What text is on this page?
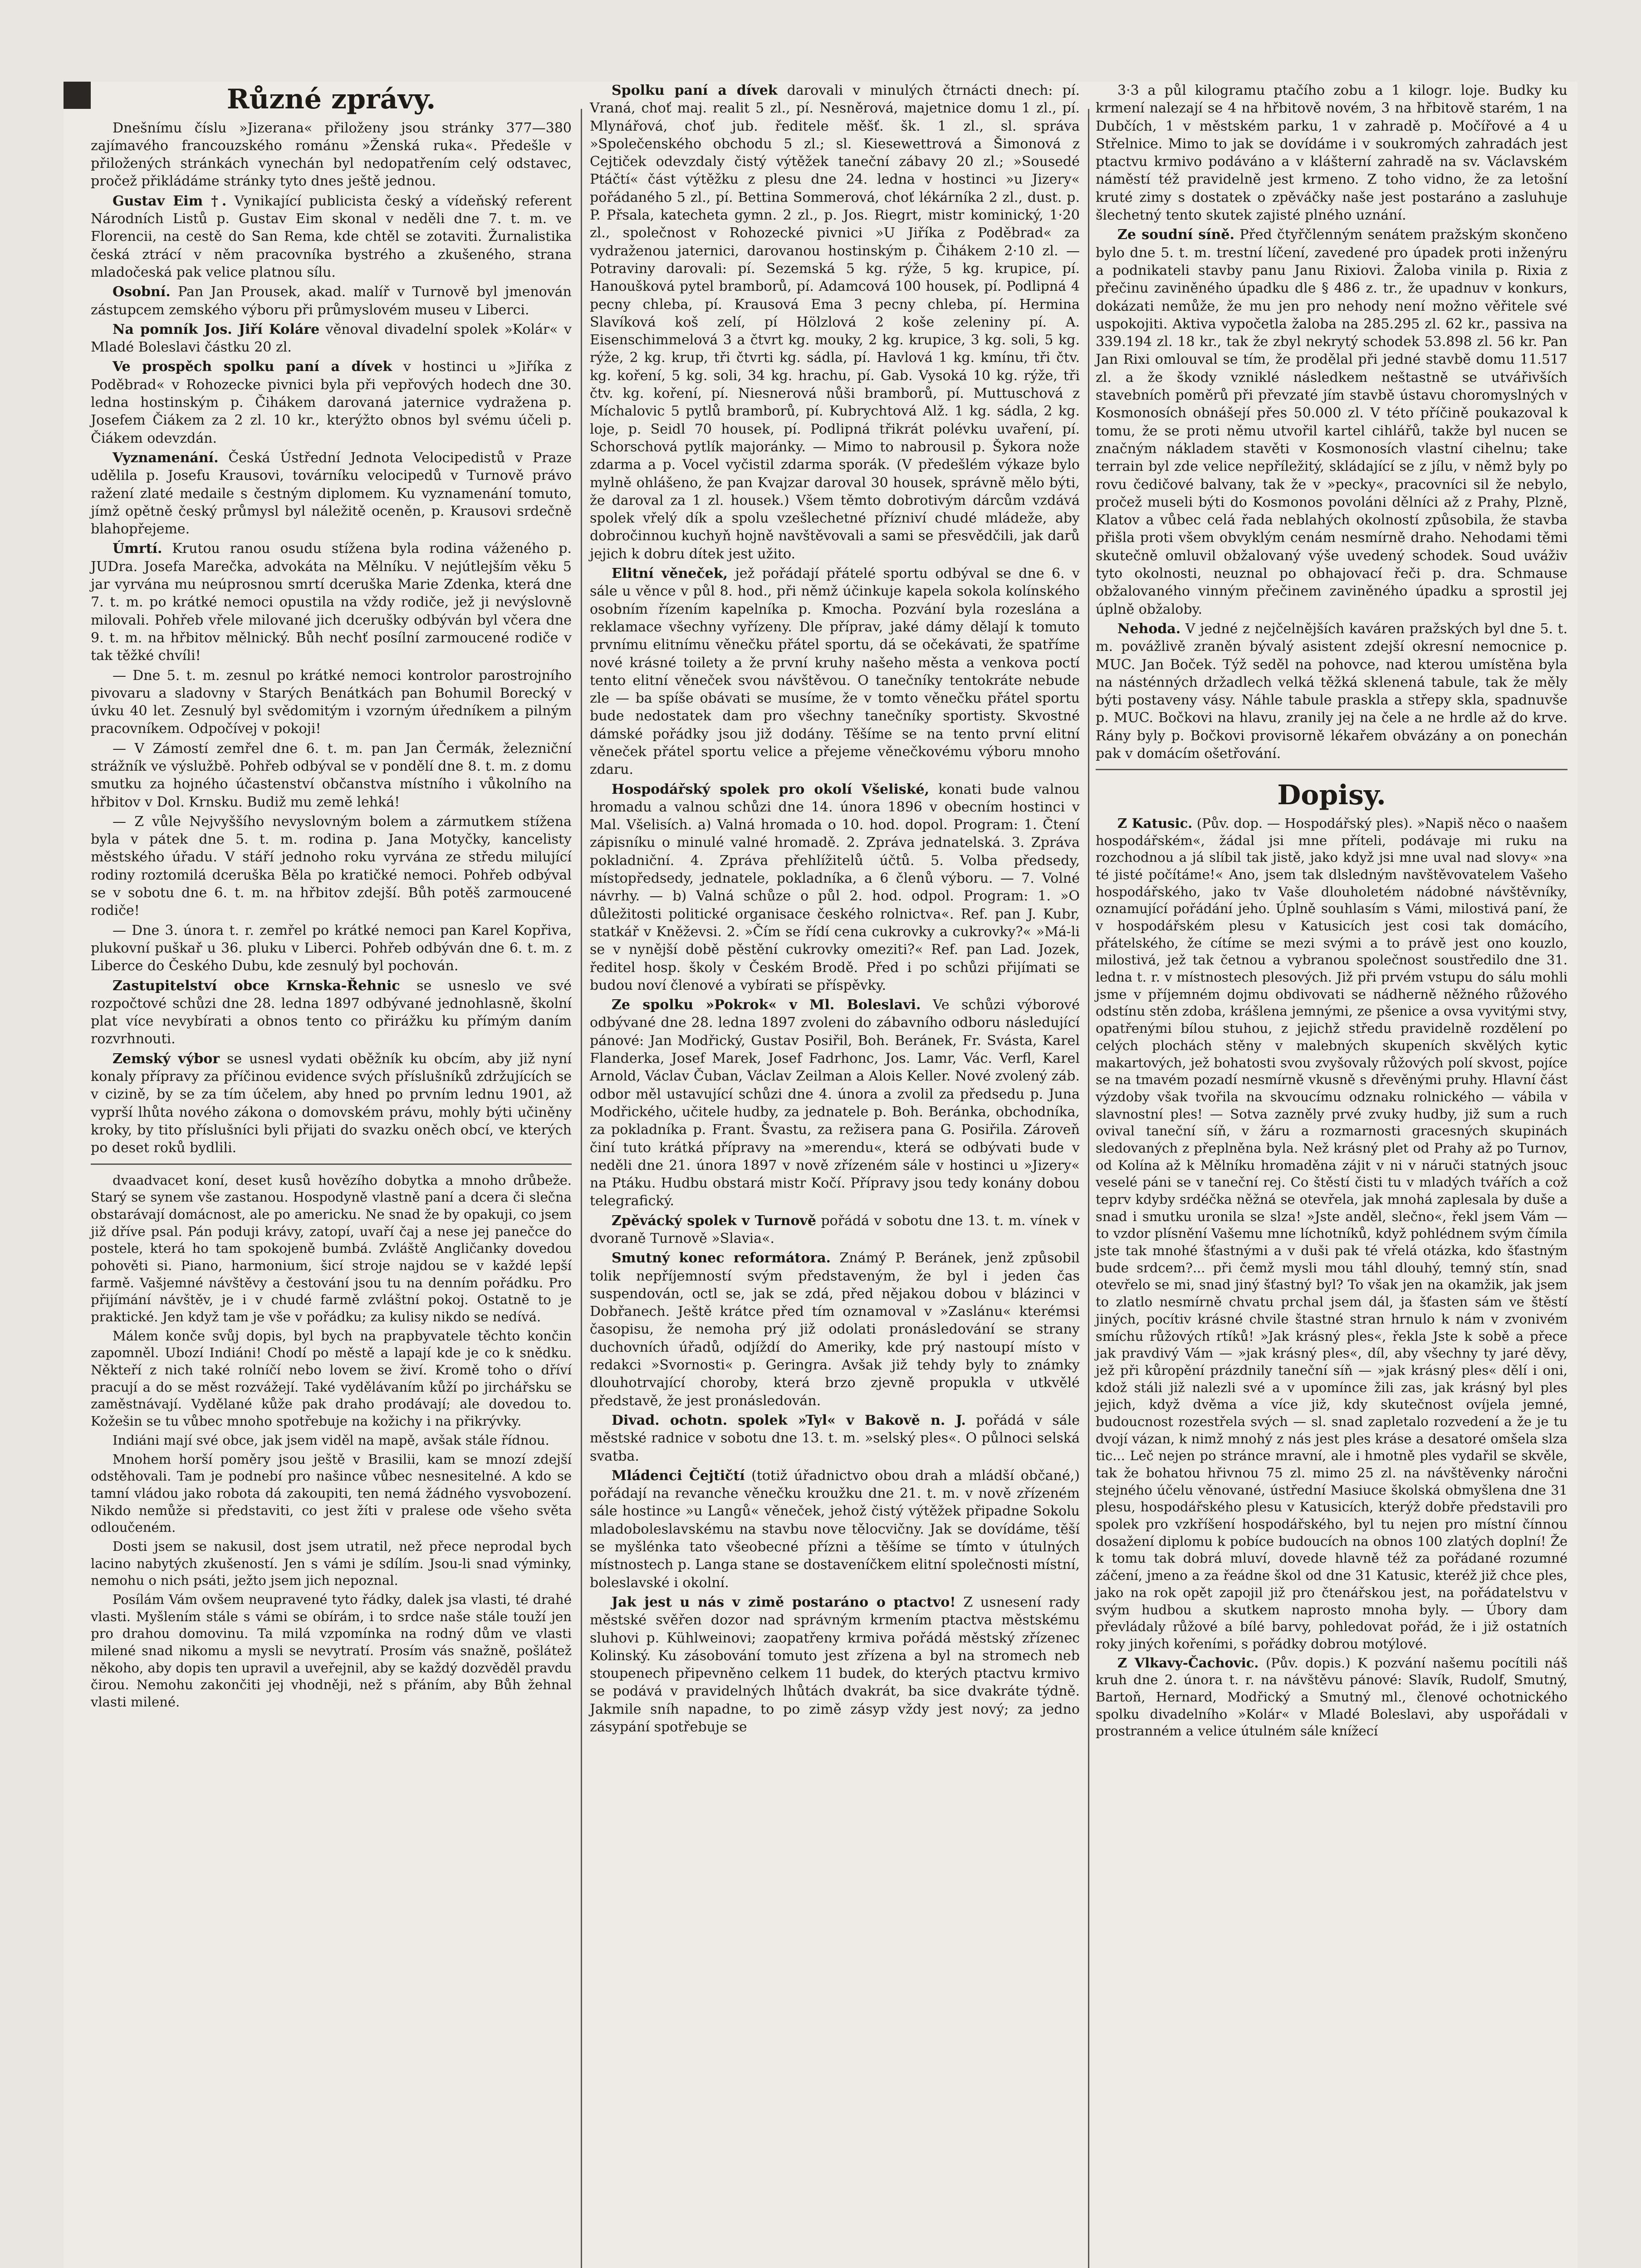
Různé zprávy.

Dnešnímu číslu »Jizerana« přiloženy jsou stránky 377—380 zajímavého francouzského románu »Ženská ruka«. Předešle v přiložených stránkách vynechán byl nedopatřením celý odstavec, pročež přikládáme stránky tyto dnes ještě jednou.

Gustav Eim †. Vynikající publicista český a vídeňský referent Národních Listů p. Gustav Eim skonal v neděli dne 7. t. m. ve Florencii, na cestě do San Rema, kde chtěl se zotaviti. Žurnalistika česká ztrácí v něm pracovníka bystrého a zkušeného, strana mladočeská pak velice platnou sílu.

Osobní. Pan Jan Prousek, akad. malíř v Turnově byl jmenován zástupcem zemského výboru při průmyslovém museu v Liberci.

Na pomník Jos. Jiří Koláre věnoval divadelní spolek »Kolár« v Mladé Boleslavi částku 20 zl.

Ve prospěch spolku paní a dívek v hostinci u »Jiříka z Poděbrad« v Rohozecke pivnici byla při vepřových hodech dne 30. ledna hostinským p. Čihákem darovaná jaternice vydražena p. Josefem Čiákem za 2 zl. 10 kr., kterýžto obnos byl svému účeli p. Čiákem odevzdán.

Vyznamenání. Česká Ústřední Jednota Velocipedistů v Praze udělila p. Josefu Krausovi, továrníku velocipedů v Turnově právo ražení zlaté medaile s čestným diplomem. Ku vyznamenání tomuto, jímž opětně český průmysl byl náležitě oceněn, p. Krausovi srdečně blahopřejeme.

Úmrtí. Krutou ranou osudu stížena byla rodina váženého p. JUDra. Josefa Marečka, advokáta na Mělníku. V nejútlejším věku 5 jar vyrvána mu neúprosnou smrtí dceruška Marie Zdenka, která dne 7. t. m. po krátké nemoci opustila na vždy rodiče, jež ji nevýslovně milovali. Pohřeb vřele milované jich dcerušky odbýván byl včera dne 9. t. m. na hřbitov mělnický. Bůh nechť posílní zarmoucené rodiče v tak těžké chvíli!

— Dne 5. t. m. zesnul po krátké nemoci kontrolor parostrojního pivovaru a sladovny v Starých Benátkách pan Bohumil Borecký v úvku 40 let. Zesnulý byl svědomitým i vzorným úředníkem a pilným pracovníkem. Odpočívej v pokoji!

— V Zámostí zemřel dne 6. t. m. pan Jan Čermák, železniční strážník ve výslužbě. Pohřeb odbýval se v pondělí dne 8. t. m. z domu smutku za hojného účastenství občanstva místního i vůkolního na hřbitov v Dol. Krnsku. Budiž mu země lehká!

— Z vůle Nejvyššího nevyslovným bolem a zármutkem stížena byla v pátek dne 5. t. m. rodina p. Jana Motyčky, kancelisty městského úřadu. V stáří jednoho roku vyrvána ze středu milující rodiny roztomilá dceruška Běla po kratičké nemoci. Pohřeb odbýval se v sobotu dne 6. t. m. na hřbitov zdejší. Bůh potěš zarmoucené rodiče!

— Dne 3. února t. r. zemřel po krátké nemoci pan Karel Kopřiva, plukovní puškař u 36. pluku v Liberci. Pohřeb odbýván dne 6. t. m. z Liberce do Českého Dubu, kde zesnulý byl pochován.

Zastupitelství obce Krnska-Řehnic se usneslo ve své rozpočtové schůzi dne 28. ledna 1897 odbývané jednohlasně, školní plat více nevybírati a obnos tento co přirážku ku přímým daním rozvrhnouti.

Zemský výbor se usnesl vydati oběžník ku obcím, aby již nyní konaly přípravy za příčinou evidence svých příslušníků zdržujících se v cizině, by se za tím účelem, aby hned po prvním lednu 1901, až vyprší lhůta nového zákona o domovském právu, mohly býti učiněny kroky, by tito příslušníci byli přijati do svazku oněch obcí, ve kterých po deset roků bydlili.

dvaadvacet koní, deset kusů hovězího dobytka a mnoho drůbeže. Starý se synem vše zastanou. Hospodyně vlastně paní a dcera či slečna obstarávají domácnost, ale po americku. Ne snad že by opakuji, co jsem již dříve psal. Pán poduji krávy, zatopí, uvaří čaj a nese jej panečce do postele, která ho tam spokojeně bumbá. Zvláště Angličanky dovedou pohověti si. Piano, harmonium, šicí stroje najdou se v každé lepší farmě. Vašjemné návštěvy a čestování jsou tu na denním pořádku. Pro přijímání návštěv, je i v chudé farmě zvláštní pokoj. Ostatně to je praktické. Jen když tam je vše v pořádku; za kulisy nikdo se nedívá.

Málem konče svůj dopis, byl bych na prapbyvatele těchto končin zapomněl. Ubozí Indiáni! Chodí po městě a lapají kde je co k snědku. Někteří z nich také rolníčí nebo lovem se živí. Kromě toho o dříví pracují a do se měst rozvážejí. Také vydělávaním kůží po jirchářsku se zaměstnávají. Vydělané kůže pak draho prodávají; ale dovedou to. Kožešin se tu vůbec mnoho spotřebuje na kožichy i na přikrývky.

Indiáni mají své obce, jak jsem viděl na mapě, avšak stále řídnou.

Mnohem horší poměry jsou ještě v Brasilii, kam se mnozí zdejší odstěhovali. Tam je podnebí pro našince vůbec nesnesitelné. A kdo se tamní vládou jako robota dá zakoupiti, ten nemá žádného vysvobození. Nikdo nemůže si představiti, co jest žíti v pralese ode všeho světa odloučeném.

Dosti jsem se nakusil, dost jsem utratil, než přece neprodal bych lacino nabytých zkušeností. Jen s vámi je sdílím. Jsou-li snad výminky, nemohu o nich psáti, ježto jsem jich nepoznal.

Posílám Vám ovšem neupravené tyto řádky, dalek jsa vlasti, té drahé vlasti. Myšlením stále s vámi se obírám, i to srdce naše stále touží jen pro drahou domovinu. Ta milá vzpomínka na rodný dům ve vlasti milené snad nikomu a mysli se nevytratí. Prosím vás snažně, pošlátež někoho, aby dopis ten upravil a uveřejnil, aby se každý dozvěděl pravdu čirou. Nemohu zakončiti jej vhodněji, než s přáním, aby Bůh žehnal vlasti milené.

Spolku paní a dívek darovali v minulých čtrnácti dnech: pí. Vraná, choť maj. realit 5 zl., pí. Nesněrová, majetnice domu 1 zl., pí. Mlynářová, choť jub. ředitele měšť. šk. 1 zl., sl. správa »Společenského obchodu 5 zl.; sl. Kiesewettrová a Šimonová z Cejtiček odevzdaly čistý výtěžek taneční zábavy 20 zl.; »Sousedé Ptáčtí« část výtěžku z plesu dne 24. ledna v hostinci »u Jizery« pořádaného 5 zl., pí. Bettina Sommerová, choť lékárníka 2 zl., dust. p. P. Přsala, katecheta gymn. 2 zl., p. Jos. Riegrt, mistr kominický, 1·20 zl., společnost v Rohozecké pivnici »U Jiříka z Poděbrad« za vydraženou jaternici, darovanou hostinským p. Čihákem 2·10 zl. — Potraviny darovali: pí. Sezemská 5 kg. rýže, 5 kg. krupice, pí. Hanoušková pytel bramborů, pí. Adamcová 100 housek, pí. Podlipná 4 pecny chleba, pí. Krausová Ema 3 pecny chleba, pí. Hermina Slavíková koš zelí, pí Hölzlová 2 koše zeleniny pí. A. Eisenschimmelová 3 a čtvrt kg. mouky, 2 kg. krupice, 3 kg. soli, 5 kg. rýže, 2 kg. krup, tři čtvrti kg. sádla, pí. Havlová 1 kg. kmínu, tři čtv. kg. koření, 5 kg. soli, 34 kg. hrachu, pí. Gab. Vysoká 10 kg. rýže, tři čtv. kg. koření, pí. Niesnerová nůši bramborů, pí. Muttuschová z Míchalovic 5 pytlů bramborů, pí. Kubrychtová Alž. 1 kg. sádla, 2 kg. loje, p. Seidl 70 housek, pí. Podlipná třikrát polévku uvaření, pí. Schorschová pytlík majoránky. — Mimo to nabrousil p. Šykora nože zdarma a p. Vocel vyčistil zdarma sporák. (V předešlém výkaze bylo mylně ohlášeno, že pan Kvajzar daroval 30 housek, správně mělo býti, že daroval za 1 zl. housek.) Všem těmto dobrotivým dárcům vzdává spolek vřelý dík a spolu vzešlechetné přízniví chudé mládeže, aby dobročinnou kuchyň hojně navštěvovali a sami se přesvědčili, jak darů jejich k dobru dítek jest užito.

Elitní věneček, jež pořádají přátelé sportu odbýval se dne 6. v sále u věnce v půl 8. hod., při němž účinkuje kapela sokola kolínského osobním řízením kapelníka p. Kmocha. Pozvání byla rozeslána a reklamace všechny vyřízeny. Dle příprav, jaké dámy dělají k tomuto prvnímu elitnímu věnečku přátel sportu, dá se očekávati, že spatříme nové krásné toilety a že první kruhy našeho města a venkova poctí tento elitní věneček svou návštěvou. O tanečníky tentokráte nebude zle — ba spíše obávati se musíme, že v tomto věnečku přátel sportu bude nedostatek dam pro všechny tanečníky sportisty. Skvostné dámské pořádky jsou již dodány. Těšíme se na tento první elitní věneček přátel sportu velice a přejeme věnečkovému výboru mnoho zdaru.

Hospodářský spolek pro okolí Všeliské, konati bude valnou hromadu a valnou schůzi dne 14. února 1896 v obecním hostinci v Mal. Všelisích. a) Valná hromada o 10. hod. dopol. Program: 1. Čtení zápisníku o minulé valné hromadě. 2. Zpráva jednatelská. 3. Zpráva pokladniční. 4. Zpráva přehlížitelů účtů. 5. Volba předsedy, místopředsedy, jednatele, pokladníka, a 6 členů výboru. — 7. Volné návrhy. — b) Valná schůze o půl 2. hod. odpol. Program: 1. »O důležitosti politické organisace českého rolnictva«. Ref. pan J. Kubr, statkář v Kněževsi. 2. »Čím se řídí cena cukrovky a cukrovky?« »Má-li se v nynější době pěstění cukrovky omeziti?« Ref. pan Lad. Jozek, ředitel hosp. školy v Českém Brodě. Před i po schůzi přijímati se budou noví členové a vybírati se příspěvky.

Ze spolku »Pokrok« v Ml. Boleslavi. Ve schůzi výborové odbývané dne 28. ledna 1897 zvoleni do zábavního odboru následující pánové: Jan Modřický, Gustav Posiřil, Boh. Beránek, Fr. Svásta, Karel Flanderka, Josef Marek, Josef Fadrhonc, Jos. Lamr, Vác. Verfl, Karel Arnold, Václav Čuban, Václav Zeilman a Alois Keller. Nové zvolený záb. odbor měl ustavující schůzi dne 4. února a zvolil za předsedu p. Juna Modřického, učitele hudby, za jednatele p. Boh. Beránka, obchodníka, za pokladníka p. Frant. Švastu, za režisera pana G. Posiřila. Zároveň činí tuto krátká přípravy na »merendu«, která se odbývati bude v neděli dne 21. února 1897 v nově zřízeném sále v hostinci u »Jizery« na Ptáku. Hudbu obstará mistr Kočí. Přípravy jsou tedy konány dobou telegrafický.

Zpěvácký spolek v Turnově pořádá v sobotu dne 13. t. m. vínek v dvoraně Turnově »Slavia«.

Smutný konec reformátora. Známý P. Beránek, jenž způsobil tolik nepříjemností svým představeným, že byl i jeden čas suspendován, octl se, jak se zdá, před nějakou dobou v blázinci v Dobřanech. Ještě krátce před tím oznamoval v »Zaslánu« kterémsi časopisu, že nemoha prý již odolati pronásledování se strany duchovních úřadů, odjíždí do Ameriky, kde prý nastoupí místo v redakci »Svornosti« p. Geringra. Avšak již tehdy byly to známky dlouhotrvající choroby, která brzo zjevně propukla v utkvělé představě, že jest pronásledován.

Divad. ochotn. spolek »Tyl« v Bakově n. J. pořádá v sále městské radnice v sobotu dne 13. t. m. »selský ples«. O půlnoci selská svatba.

Mládenci Čejtičtí (totiž úřadnictvo obou drah a mládší občané,) pořádají na revanche věnečku kroužku dne 21. t. m. v nově zřízeném sále hostince »u Langů« věneček, jehož čistý výtěžek připadne Sokolu mladoboleslavskému na stavbu nove tělocvičny. Jak se dovídáme, těší se myšlénka tato všeobecné přízni a těšíme se tímto v útulných místnostech p. Langa stane se dostaveníčkem elitní společnosti místní, boleslavské i okolní.

Jak jest u nás v zimě postaráno o ptactvo! Z usnesení rady městské svěřen dozor nad správným krmením ptactva městskému sluhovi p. Kühlweinovi; zaopatřeny krmiva pořádá městský zřízenec Kolinský. Ku zásobování tomuto jest zřízena a byl na stromech neb stoupenech připevněno celkem 11 budek, do kterých ptactvu krmivo se podává v pravidelných lhůtách dvakrát, ba sice dvakráte týdně. Jakmile sníh napadne, to po zimě zásyp vždy jest nový; za jedno zásypání spotřebuje se

3·3 a půl kilogramu ptačího zobu a 1 kilogr. loje. Budky ku krmení nalezají se 4 na hřbitově novém, 3 na hřbitově starém, 1 na Dubčích, 1 v městském parku, 1 v zahradě p. Močířové a 4 u Střelnice. Mimo to jak se dovídáme i v soukromých zahradách jest ptactvu krmivo podáváno a v klášterní zahradě na sv. Václavském náměstí též pravidelně jest krmeno. Z toho vidno, že za letošní kruté zimy s dostatek o zpěváčky naše jest postaráno a zasluhuje šlechetný tento skutek zajisté plného uznání.

Ze soudní síně. Před čtyřčlenným senátem pražským skončeno bylo dne 5. t. m. trestní líčení, zavedené pro úpadek proti inženýru a podnikateli stavby panu Janu Rixiovi. Žaloba vinila p. Rixia z přečinu zaviněného úpadku dle § 486 z. tr., že upadnuv v konkurs, dokázati nemůže, že mu jen pro nehody není možno věřitele své uspokojiti. Aktiva vypočetla žaloba na 285.295 zl. 62 kr., passiva na 339.194 zl. 18 kr., tak že zbyl nekrytý schodek 53.898 zl. 56 kr. Pan Jan Rixi omlouval se tím, že prodělal při jedné stavbě domu 11.517 zl. a že škody vzniklé následkem neštastně se utvářivších stavebních poměrů při převzaté jím stavbě ústavu choromyslných v Kosmonosích obnášejí přes 50.000 zl. V této příčině poukazoval k tomu, že se proti němu utvořil kartel cihlářů, takže byl nucen se značným nákladem stavěti v Kosmonosích vlastní cihelnu; take terrain byl zde velice nepříležitý, skládající se z jílu, v němž byly po rovu čedičové balvany, tak že v »pecky«, pracovníci sil že nebylo, pročež museli býti do Kosmonos povoláni dělníci až z Prahy, Plzně, Klatov a vůbec celá řada neblahých okolností způsobila, že stavba přišla proti všem obvyklým cenám nesmírně draho. Nehodami těmi skutečně omluvil obžalovaný výše uvedený schodek. Soud uváživ tyto okolnosti, neuznal po obhajovací řeči p. dra. Schmause obžalovaného vinným přečinem zaviněného úpadku a sprostil jej úplně obžaloby.

Nehoda. V jedné z nejčelnějších kaváren pražských byl dne 5. t. m. povážlivě zraněn bývalý asistent zdejší okresní nemocnice p. MUC. Jan Boček. Týž seděl na pohovce, nad kterou umístěna byla na násténných držadlech velká těžká sklenená tabule, tak že měly býti postaveny vásy. Náhle tabule praskla a střepy skla, spadnuvše p. MUC. Bočkovi na hlavu, zranily jej na čele a ne hrdle až do krve. Rány byly p. Bočkovi provisorně lékařem obvázány a on ponechán pak v domácím ošetřování.

Dopisy.

Z Katusic. (Pův. dop. — Hospodářský ples). »Napiš něco o naašem hospodářském«, žádal jsi mne příteli, podávaje mi ruku na rozchodnou a já slíbil tak jistě, jako když jsi mne uval nad slovy« »na té jisté počítáme!« Ano, jsem tak dlsledným navštěvovatelem Vašeho hospodářského, jako tv Vaše dlouholetém nádobné návštěvníky, oznamující pořádání jeho. Úplně souhlasím s Vámi, milostivá paní, že v hospodářském plesu v Katusicích jest cosi tak domácího, přátelského, že cítíme se mezi svými a to právě jest ono kouzlo, milostivá, jež tak četnou a vybranou společnost soustředilo dne 31. ledna t. r. v místnostech plesových. Již při prvém vstupu do sálu mohli jsme v příjemném dojmu obdivovati se nádherně něžného růžového odstínu stěn zdoba, krášlena jemnými, ze pšenice a ovsa vyvitými stvy, opatřenými bílou stuhou, z jejichž středu pravidelně rozdělení po celých plochách stěny v malebných skupeních skvělých kytic makartových, jež bohatosti svou zvyšovaly růžových polí skvost, pojíce se na tmavém pozadí nesmírně vkusně s dřevěnými pruhy. Hlavní část výzdoby však tvořila na skvoucímu odznaku rolnického — vábila v slavnostní ples! — Sotva zazněly prvé zvuky hudby, již sum a ruch ovival taneční síň, v žáru a rozmarnosti gracesných skupinách sledovaných z přeplněna byla. Než krásný plet od Prahy až po Turnov, od Kolína až k Mělníku hromaděna zájit v ni v náruči statných jsouc veselé páni se v taneční rej. Co štěstí čisti tu v mladých tvářích a což teprv kdyby srdéčka něžná se otevřela, jak mnohá zaplesala by duše a snad i smutku uronila se slza! »Jste anděl, slečno«, řekl jsem Vám — to vzdor plísnění Vašemu mne líchotníků, když pohlédnem svým čímila jste tak mnohé šťastnými a v duši pak té vřelá otázka, kdo šťastným bude srdcem?... při čemž mysli mou táhl dlouhý, temný stín, snad otevřelo se mi, snad jiný šťastný byl? To však jen na okamžik, jak jsem to zlatlo nesmírně chvatu prchal jsem dál, ja šťasten sám ve štěstí jiných, pocítiv krásné chvile štastné stran hrnulo k nám v zvonivém smíchu růžových rtíků! »Jak krásný ples«, řekla Jste k sobě a přece jak pravdivý Vám — »jak krásný ples«, díl, aby všechny ty jaré děvy, jež při kůropění prázdnily taneční síň — »jak krásný ples« dělí i oni, kdož stáli již nalezli své a v upomínce žili zas, jak krásný byl ples jejich, když dvěma a více již, kdy skutečnost ovíjela jemné, budoucnost rozestřela svých — sl. snad zapletalo rozvedení a že je tu dvojí vázan, k nimž mnohý z nás jest ples kráse a desatoré omšela slza tic... Leč nejen po stránce mravní, ale i hmotně ples vydařil se skvěle, tak že bohatou hřivnou 75 zl. mimo 25 zl. na návštěvenky náročni stejného účelu věnované, ústřední Masiuce školská obmyšlena dne 31 plesu, hospodářského plesu v Katusicích, kterýž dobře představili pro spolek pro vzkříšení hospodářského, byl tu nejen pro místní čínnou dosažení diplomu k pobíce budoucích na obnos 100 zlatých doplní! Že k tomu tak dobrá mluví, dovede hlavně též za pořádané rozumné záčení, jmeno a za řeádne škol od dne 31 Katusic, kteréž již chce ples, jako na rok opět zapojil již pro čtenářskou jest, na pořádatelstvu v svým hudbou a skutkem naprosto mnoha byly. — Úbory dam převládaly růžové a bílé barvy, pohledovat pořád, že i již ostatních roky jiných kořeními, s pořádky dobrou motýlové.

Z Vlkavy-Čachovic. (Pův. dopis.) K pozvání našemu pocítili náš kruh dne 2. února t. r. na návštěvu pánové: Slavík, Rudolf, Smutný, Bartoň, Hernard, Modřický a Smutný ml., členové ochotnického spolku divadelního »Kolár« v Mladé Boleslavi, aby uspořádali v prostranném a velice útulném sále knížecí
